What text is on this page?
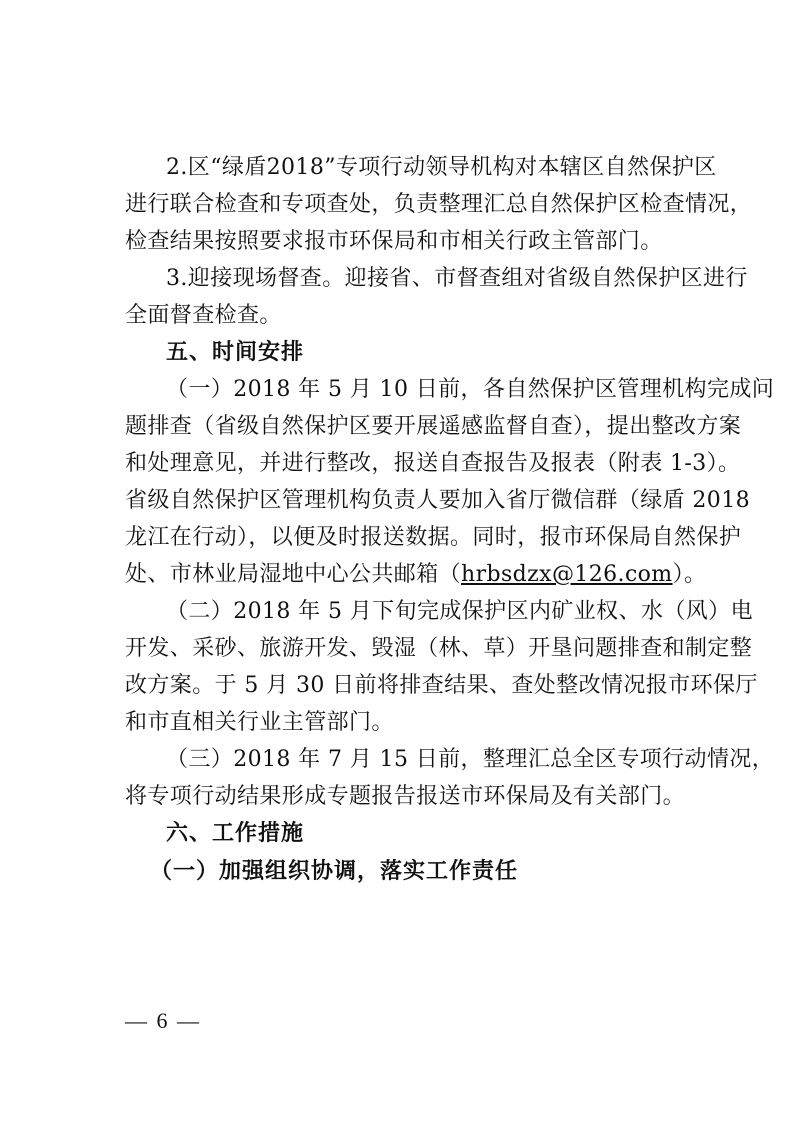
2.区“绿盾2018”专项行动领导机构对本辖区自然保护区
进行联合检查和专项查处，负责整理汇总自然保护区检查情况，
检查结果按照要求报市环保局和市相关行政主管部门。
3.迎接现场督查。迎接省、市督查组对省级自然保护区进行
全面督查检查。
五、时间安排
（一）2018 年 5 月 10 日前，各自然保护区管理机构完成问
题排查（省级自然保护区要开展遥感监督自查），提出整改方案
和处理意见，并进行整改，报送自查报告及报表（附表 1-3）。
省级自然保护区管理机构负责人要加入省厅微信群（绿盾 2018
龙江在行动），以便及时报送数据。同时，报市环保局自然保护
处、市林业局湿地中心公共邮箱（hrbsdzx@126.com）。
（二）2018 年 5 月下旬完成保护区内矿业权、水（风）电
开发、采砂、旅游开发、毁湿（林、草）开垦问题排查和制定整
改方案。于 5 月 30 日前将排查结果、查处整改情况报市环保厅
和市直相关行业主管部门。
（三）2018 年 7 月 15 日前，整理汇总全区专项行动情况，
将专项行动结果形成专题报告报送市环保局及有关部门。
六、工作措施
（一）加强组织协调，落实工作责任
— 6 —
